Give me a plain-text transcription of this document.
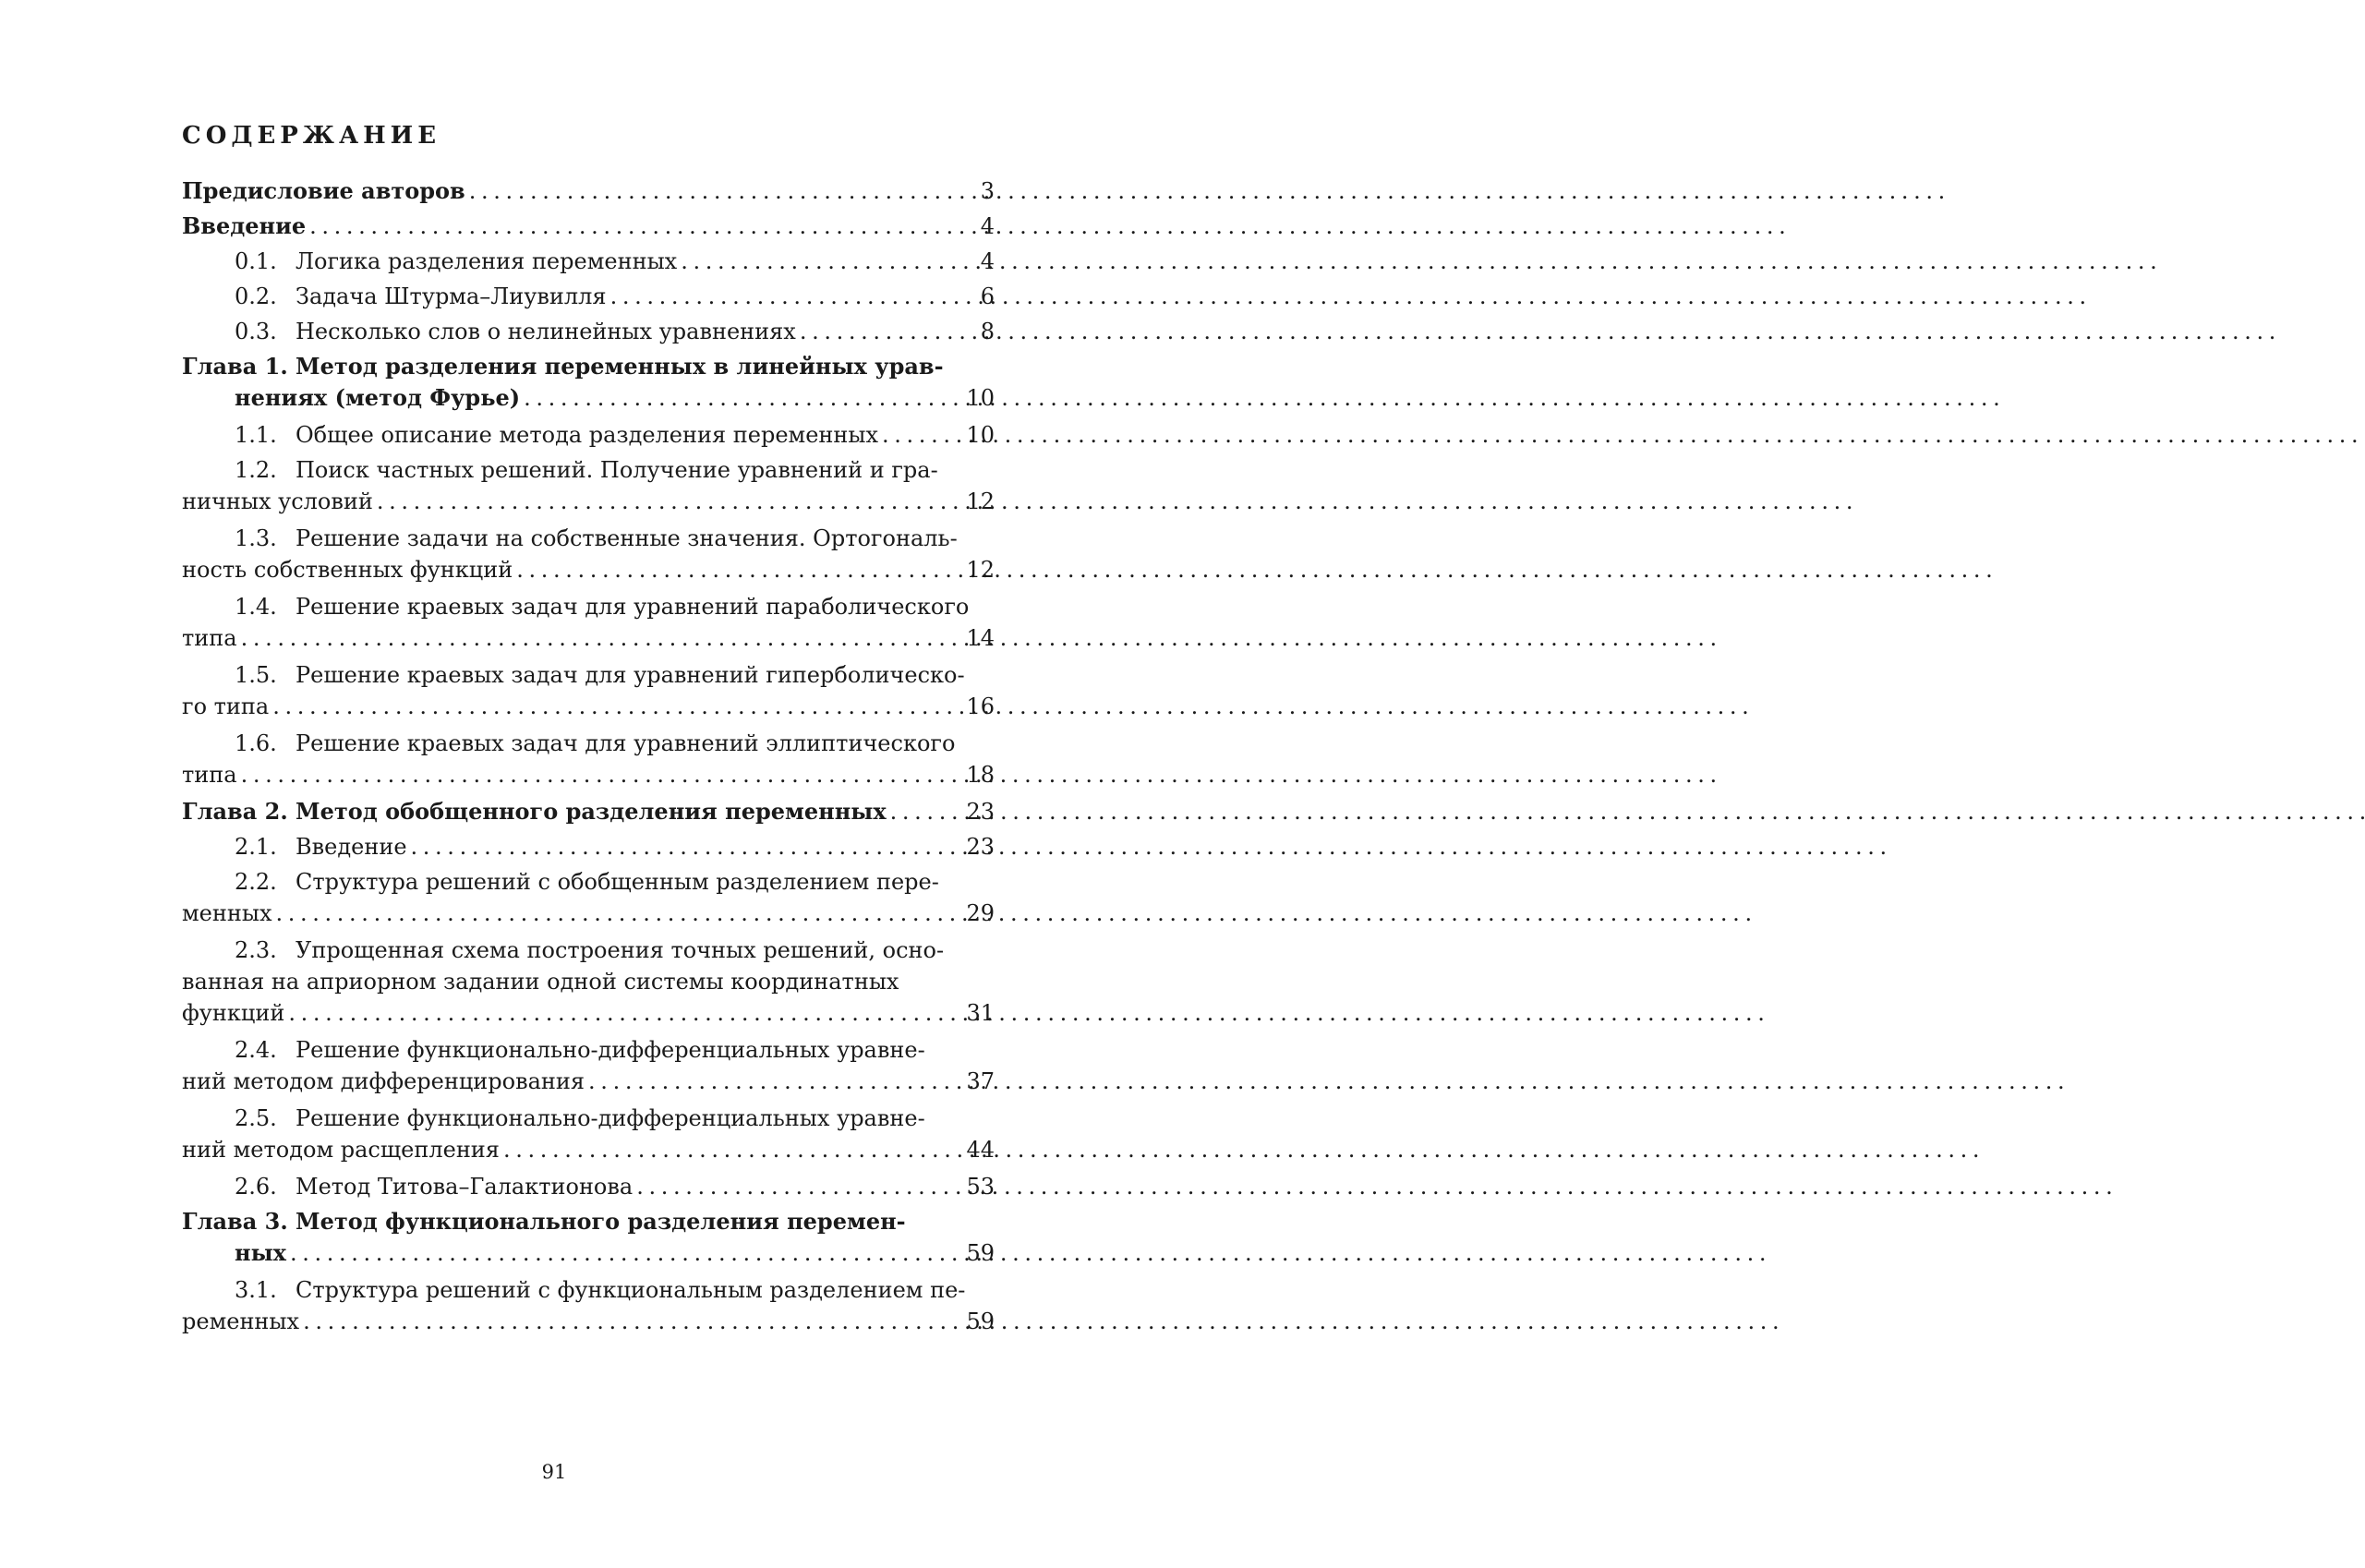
СОДЕРЖАНИЕ
Предисловие авторов . . .	3
Введение . . .	4
0.1. Логика разделения переменных . . .	4
0.2. Задача Штурма–Лиувилля . . .	6
0.3. Несколько слов о нелинейных уравнениях . . .	8
Глава 1. Метод разделения переменных в линейных урав-
нениях (метод Фурье) . . .	10
1.1. Общее описание метода разделения переменных . . .	10
1.2. Поиск частных решений. Получение уравнений и гра-
ничных условий . . .	12
1.3. Решение задачи на собственные значения. Ортогональ-
ность собственных функций . . .	12
1.4. Решение краевых задач для уравнений параболического
типа . . .	14
1.5. Решение краевых задач для уравнений гиперболическо-
го типа . . .	16
1.6. Решение краевых задач для уравнений эллиптического
типа . . .	18
Глава 2. Метод обобщенного разделения переменных . . .	23
2.1. Введение . . .	23
2.2. Структура решений с обобщенным разделением пере-
менных . . .	29
2.3. Упрощенная схема построения точных решений, осно-
ванная на априорном задании одной системы координатных
функций . . .	31
2.4. Решение функционально-дифференциальных уравне-
ний методом дифференцирования . . .	37
2.5. Решение функционально-дифференциальных уравне-
ний методом расщепления . . .	44
2.6. Метод Титова–Галактионова . . .	53
Глава 3. Метод функционального разделения перемен-
ных . . .	59
3.1. Структура решений с функциональным разделением пе-
ременных . . .	59
91
